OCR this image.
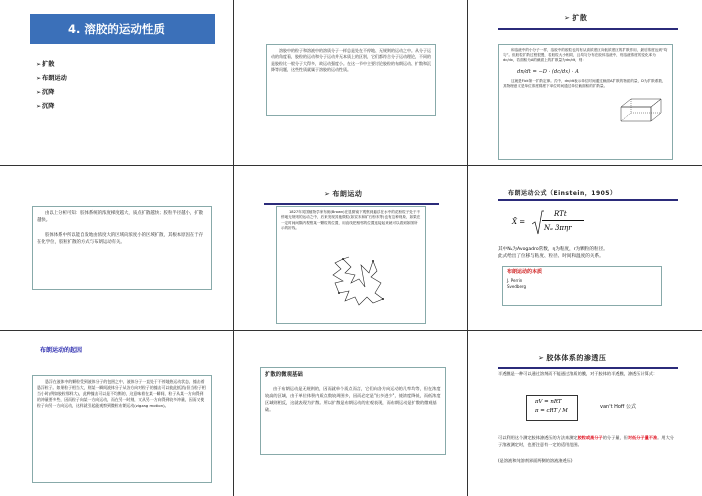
4. 溶胶的运动性质
➢扩散
➢布朗运动
➢沉降
➢沉降

溶胶中的粒子和溶液中的溶质分子一样总是处在不停地、无规则的运动之中。从分子运动的角度看，胶粒的运动和分子运动并无本质上的区别，它们都符合分子运动理论，不同的是胶粒比一般分子大得多，故运动强度小。在这一节中主要讨论胶粒的布朗运动、扩散和沉降等问题，这些性质就属于溶胶的运动性质。

➢ 扩散

和溶液中的小分子一样，溶胶中的胶粒也具有从高浓度区向低浓度区的扩散作用，最后浓度达到“均匀”。但胶粒扩散过程很慢，若胶粒大小相同，且均匀分布在胶体溶液中，则溶液浓度的变化率为dc/dx，若面积为A的截面上的扩散量为dn/dt，则：

dn/dt = −D · (dc/dx) · A

这就是Fick第一扩散定律。式中，dn/dt表示单位时间通过截面A扩散的物质的量，D为扩散系数，其物理意义是单位浓度梯度下单位时间通过单位截面积的扩散量。

由以上分析可知：胶体系统的浓度梯度越大，质点扩散越快；胶粒半径越小，扩散越快。

胶体体系中所以能自发地由浓度大的区域向浓度小的区域扩散，其根本原因在于存在化学位，胶粒扩散的方式与布朗运动有关。

➢ 布朗运动

1827年英国植物学家布朗(Brown)在显微镜下观察到悬浮在水中的花粉粒子处于不停地无规则的运动之中，后来发现其他微粒(如炭末和矿石粉末等)也有这种现象，如果在一定时间间隔内观察某一颗粒的位置，用直线把相邻的位置连接起来就可以看到如图所示的折线。

布朗运动公式（Einstein，1905）
X̄ =
RTt
Nₐ 3πηr
其中Nₐ为Avogadro常数，η为粘度，r为颗粒的粒径。
此式给出了位移与粘度、粒径、时间和温度的关系。
布朗运动的本质
J. Perrin
Svedberg
布朗运动的起因

悬浮在液体中的颗粒受到液体分子的包围之中，液体分子一直处于不停地热运动状态，撞击着悬浮粒子。如果粒子相当大，则某一瞬间液体分子从各方向对粒子的撞击可以彼此抵消(但当粒子相当小时(例如胶粒那样大)，此种撞击可以是不均衡的，这意味着在某一瞬间，粒子从某一方向得到的冲量要多些，因而粒子向某一方向运动，而在另一时刻，又从另一方向得到较多冲量，因而又使粒子向另一方向运动，这样就引起能观察到微粒布朗运动(zigzag motion)。

扩散的微观基础

由于布朗运动是无规则的，因而就单个质点而言，它们向各方向运动的几率均等，但在浓度较高的区域，由于单位体积内质点数较周围多，因而必定是"出多进少"，使浓度降低，而低浓度区域则相反，这就表现为扩散。所以扩散是布朗运动的宏观表现，而布朗运动是扩散的微观基础。

➢ 胶体体系的渗透压
半透膜是一种可以通过溶剂而不能通过溶质的膜，对于胶体的半透膜，渗透压计算式：
πV = nRT
π = cRT / M
van't Hoff 公式
可以利用这个测定胶体渗透压的方法来测定胶粒或高分子的分子量，但对低分子量不准。用大分子溶液测定时，也要注意有一定的适用范围。
(是溶液和纯溶剂界面两侧的溶液渗透压)
